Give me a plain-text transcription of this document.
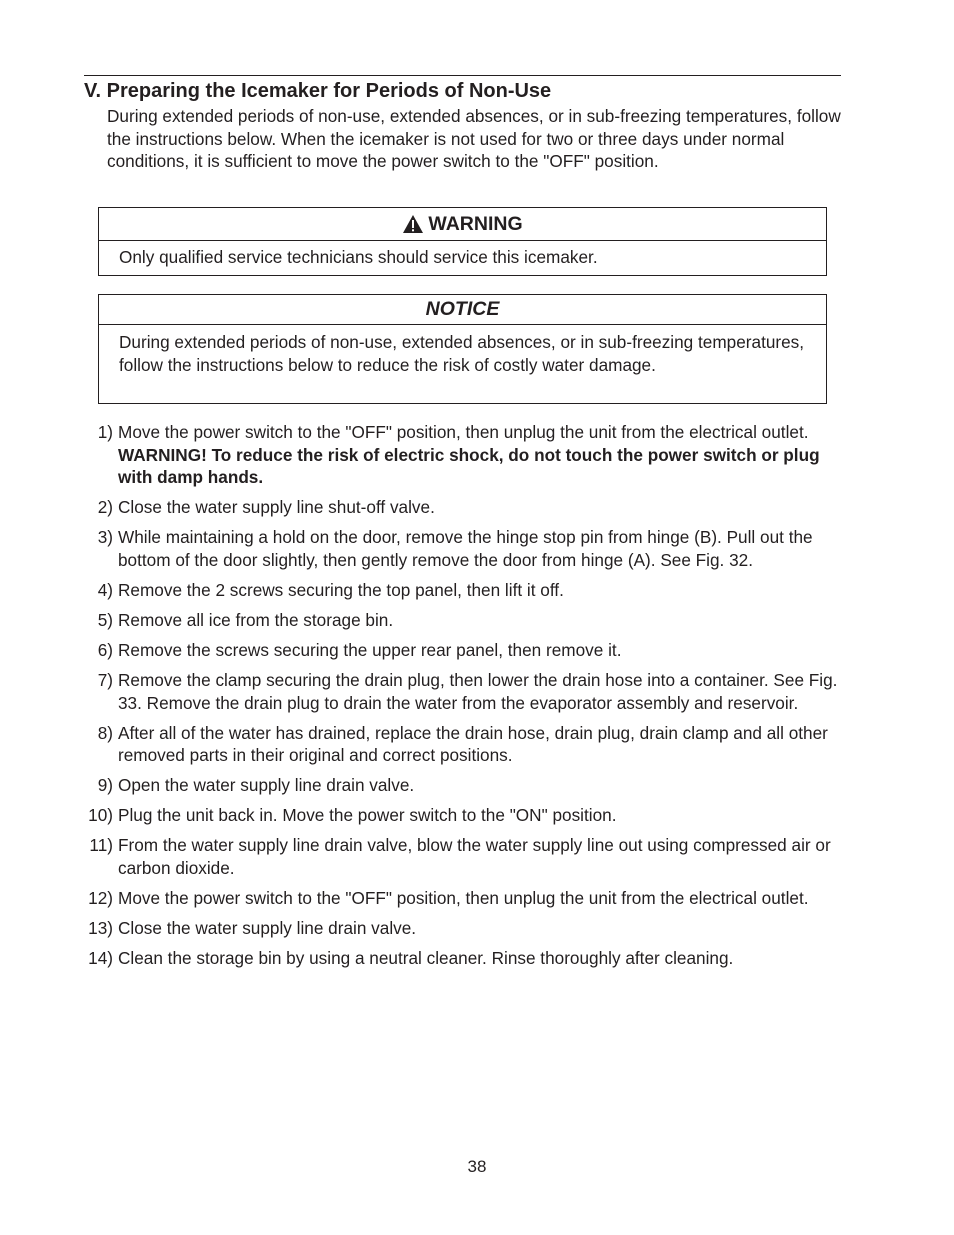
V. Preparing the Icemaker for Periods of Non-Use

During extended periods of non-use, extended absences, or in sub-freezing temperatures, follow the instructions below. When the icemaker is not used for two or three days under normal conditions, it is sufficient to move the power switch to the "OFF" position.

WARNING
Only qualified service technicians should service this icemaker.
NOTICE
During extended periods of non-use, extended absences, or in sub-freezing temperatures, follow the instructions below to reduce the risk of costly water damage.
1) Move the power switch to the "OFF" position, then unplug the unit from the electrical outlet. WARNING! To reduce the risk of electric shock, do not touch the power switch or plug with damp hands.
2) Close the water supply line shut-off valve.
3) While maintaining a hold on the door, remove the hinge stop pin from hinge (B). Pull out the bottom of the door slightly, then gently remove the door from hinge (A). See Fig. 32.
4) Remove the 2 screws securing the top panel, then lift it off.
5) Remove all ice from the storage bin.
6) Remove the screws securing the upper rear panel, then remove it.
7) Remove the clamp securing the drain plug, then lower the drain hose into a container. See Fig. 33. Remove the drain plug to drain the water from the evaporator assembly and reservoir.
8) After all of the water has drained, replace the drain hose, drain plug, drain clamp and all other removed parts in their original and correct positions.
9) Open the water supply line drain valve.
10) Plug the unit back in. Move the power switch to the "ON" position.
11) From the water supply line drain valve, blow the water supply line out using compressed air or carbon dioxide.
12) Move the power switch to the "OFF" position, then unplug the unit from the electrical outlet.
13) Close the water supply line drain valve.
14) Clean the storage bin by using a neutral cleaner. Rinse thoroughly after cleaning.
38
